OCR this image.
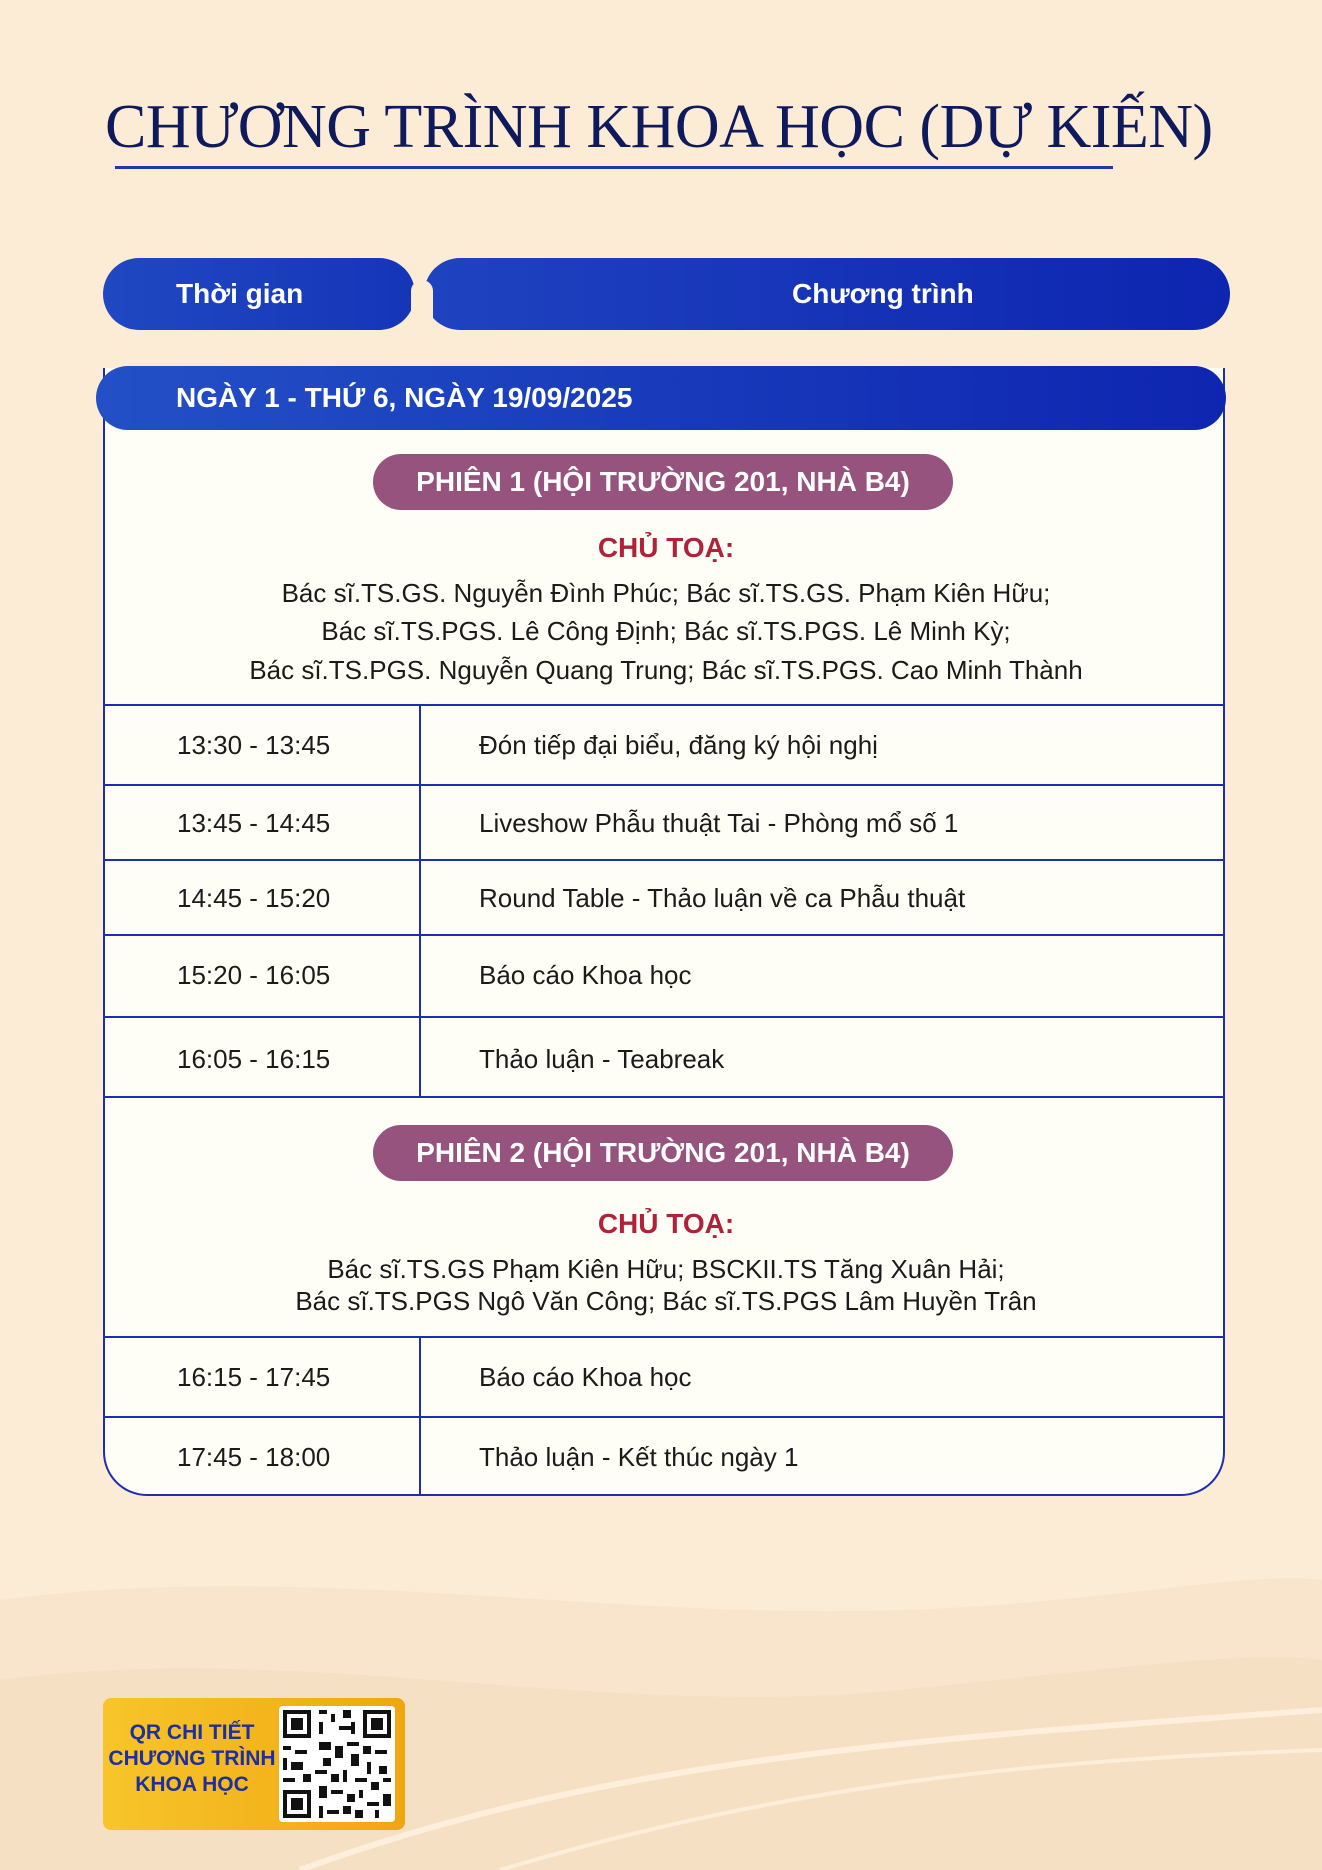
CHƯƠNG TRÌNH KHOA HỌC (DỰ KIẾN)
Thời gian	Chương trình
PHIÊN 1 (HỘI TRƯỜNG 201, NHÀ B4)
CHỦ TOẠ:
Bác sĩ.TS.GS. Nguyễn Đình Phúc; Bác sĩ.TS.GS. Phạm Kiên Hữu;
Bác sĩ.TS.PGS. Lê Công Định; Bác sĩ.TS.PGS. Lê Minh Kỳ;
Bác sĩ.TS.PGS. Nguyễn Quang Trung; Bác sĩ.TS.PGS. Cao Minh Thành
13:30 - 13:45	Đón tiếp đại biểu, đăng ký hội nghị
13:45 - 14:45	Liveshow Phẫu thuật Tai - Phòng mổ số 1
14:45 - 15:20	Round Table - Thảo luận về ca Phẫu thuật
15:20 - 16:05	Báo cáo Khoa học
16:05 - 16:15	Thảo luận - Teabreak
PHIÊN 2 (HỘI TRƯỜNG 201, NHÀ B4)
CHỦ TOẠ:
Bác sĩ.TS.GS Phạm Kiên Hữu; BSCKII.TS Tăng Xuân Hải;
Bác sĩ.TS.PGS Ngô Văn Công; Bác sĩ.TS.PGS Lâm Huyền Trân
16:15 - 17:45	Báo cáo Khoa học
17:45 - 18:00	Thảo luận - Kết thúc ngày 1
NGÀY 1 - THỨ 6, NGÀY 19/09/2025
QR CHI TIẾT
CHƯƠNG TRÌNH
KHOA HỌC
